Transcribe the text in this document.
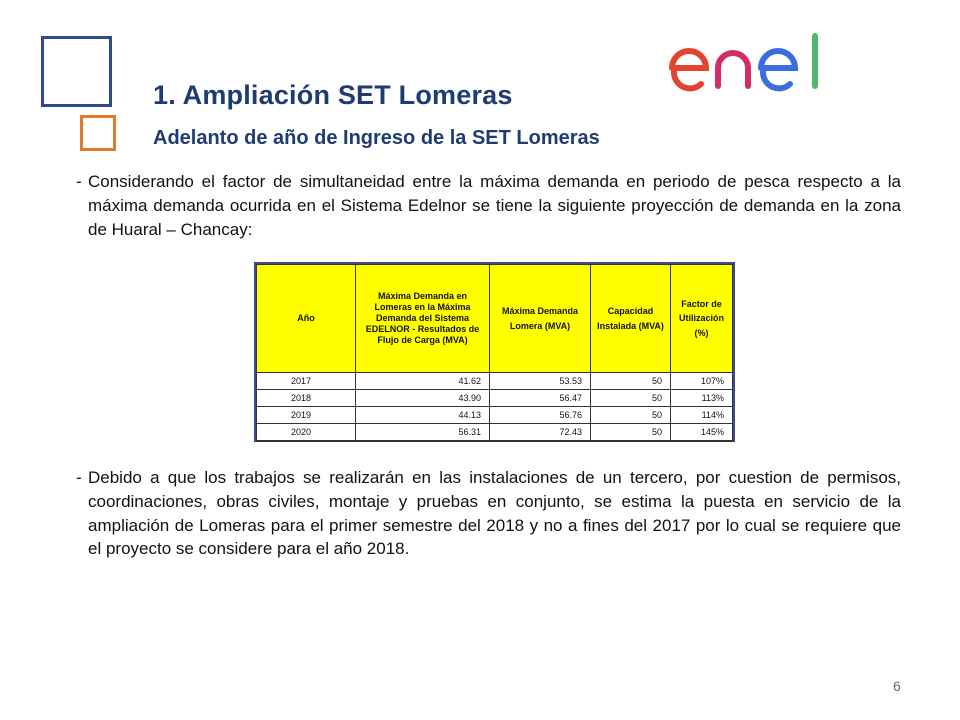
1. Ampliación SET Lomeras
Adelanto de año de Ingreso de la SET Lomeras
- Considerando el factor de simultaneidad entre la máxima demanda en periodo de pesca respecto a la máxima demanda ocurrida en el Sistema Edelnor se tiene la siguiente proyección de demanda en la zona de Huaral – Chancay:
Año	Máxima Demanda en Lomeras en la Máxima Demanda del Sistema EDELNOR - Resultados de Flujo de Carga (MVA)	Máxima Demanda Lomera (MVA)	Capacidad Instalada (MVA)	Factor de Utilización (%)
2017	41.62	53.53	50	107%
2018	43.90	56.47	50	113%
2019	44.13	56.76	50	114%
2020	56.31	72.43	50	145%
- Debido a que los trabajos se realizarán en las instalaciones de un tercero, por cuestion de permisos, coordinaciones, obras civiles, montaje y pruebas en conjunto, se estima la puesta en servicio de la ampliación de Lomeras para el primer semestre del 2018 y no a fines del 2017 por lo cual se requiere que el proyecto se considere para el año 2018.
6
